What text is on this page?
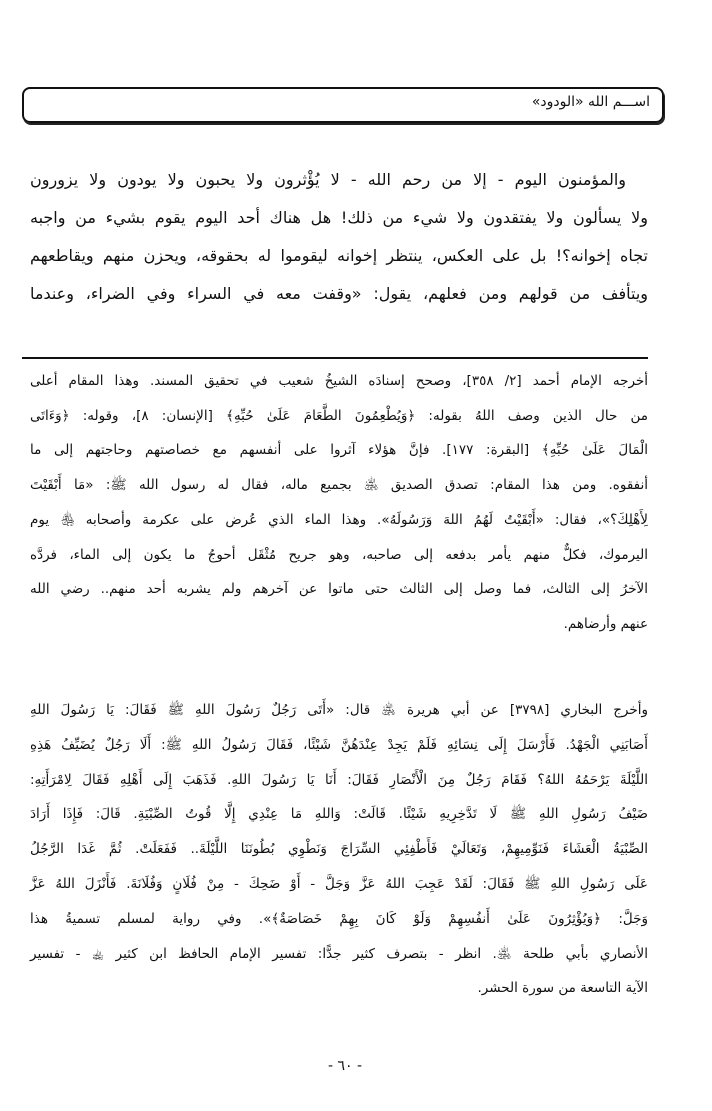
اســـم الله «الودود»
والمؤمنون اليوم - إلا من رحم الله - لا يُؤْثرون ولا يحبون ولا يودون ولا يزورون
ولا يسألون ولا يفتقدون ولا شيء من ذلك! هل هناك أحد اليوم يقوم بشيء من واجبه
تجاه إخوانه؟! بل على العكس، ينتظر إخوانه ليقوموا له بحقوقه، ويحزن منهم ويقاطعهم
ويتأفف من قولهم ومن فعلهم، يقول: «وقفت معه في السراء وفي الضراء، وعندما
أخرجه الإمام أحمد [٢/ ٣٥٨]، وصحح إسنادَه الشيخُ شعيب في تحقيق المسند. وهذا المقام أعلى
من حال الذين وصف اللهُ بقوله: ﴿وَيُطْعِمُونَ الطَّعَامَ عَلَىٰ حُبِّهِ﴾ [الإنسان: ٨]، وقوله: ﴿وَءَاتَى
الْمَالَ عَلَىٰ حُبِّهِ﴾ [البقرة: ١٧٧]. فإنَّ هؤلاء آثروا على أنفسهم مع خصاصتهم وحاجتهم إلى ما
أنفقوه. ومن هذا المقام: تصدق الصديق ﵁ بجميع ماله، فقال له رسول الله ﷺ: «مَا أَبْقَيْتَ
لِأَهْلِكَ؟»، فقال: «أَبْقَيْتُ لَهُمُ اللهَ وَرَسُولَهُ». وهذا الماء الذي عُرض على عكرمة وأصحابه ﵃ يوم
اليرموك، فكلٌّ منهم يأمر بدفعه إلى صاحبه، وهو جريح مُثْقَل أحوجُ ما يكون إلى الماء، فردَّه
الآخرُ إلى الثالث، فما وصل إلى الثالث حتى ماتوا عن آخرهم ولم يشربه أحد منهم.. رضي الله
عنهم وأرضاهم.
وأخرج البخاري [٣٧٩٨] عن أبي هريرة ﵁ قال: «أَتَى رَجُلٌ رَسُولَ اللهِ ﷺ فَقَالَ: يَا رَسُولَ اللهِ
أَصَابَنِي الْجَهْدُ. فَأَرْسَلَ إِلَى نِسَائِهِ فَلَمْ يَجِدْ عِنْدَهُنَّ شَيْئًا، فَقَالَ رَسُولُ اللهِ ﷺ: أَلَا رَجُلٌ يُضَيِّفُ هَذِهِ
اللَّيْلَةَ يَرْحَمُهُ اللهُ؟ فَقَامَ رَجُلٌ مِنَ الْأَنْصَارِ فَقَالَ: أَنَا يَا رَسُولَ اللهِ. فَذَهَبَ إِلَى أَهْلِهِ فَقَالَ لِامْرَأَتِهِ:
ضَيْفُ رَسُولِ اللهِ ﷺ لَا تَدَّخِرِيهِ شَيْئًا. قَالَتْ: وَاللهِ مَا عِنْدِي إِلَّا قُوتُ الصِّبْيَةِ. قَالَ: فَإِذَا أَرَادَ
الصِّبْيَةُ الْعَشَاءَ فَنَوِّمِيهِمْ، وَتَعَالَيْ فَأَطْفِئِي السِّرَاجَ وَنَطْوِي بُطُونَنَا اللَّيْلَةَ.. فَفَعَلَتْ. ثُمَّ غَدَا الرَّجُلُ
عَلَى رَسُولِ اللهِ ﷺ فَقَالَ: لَقَدْ عَجِبَ اللهُ عَزَّ وَجَلَّ - أَوْ ضَحِكَ - مِنْ فُلَانٍ وَفُلَانَةَ. فَأَنْزَلَ اللهُ عَزَّ
وَجَلَّ: ﴿وَيُؤْثِرُونَ عَلَىٰ أَنفُسِهِمْ وَلَوْ كَانَ بِهِمْ خَصَاصَةٌ﴾». وفي رواية لمسلم تسميةُ هذا
الأنصاري بأبي طلحة ﵁. انظر - بتصرف كثير جدًّا: تفسير الإمام الحافظ ابن كثير ﵀ - تفسير
الآية التاسعة من سورة الحشر.
- ٦٠ -
